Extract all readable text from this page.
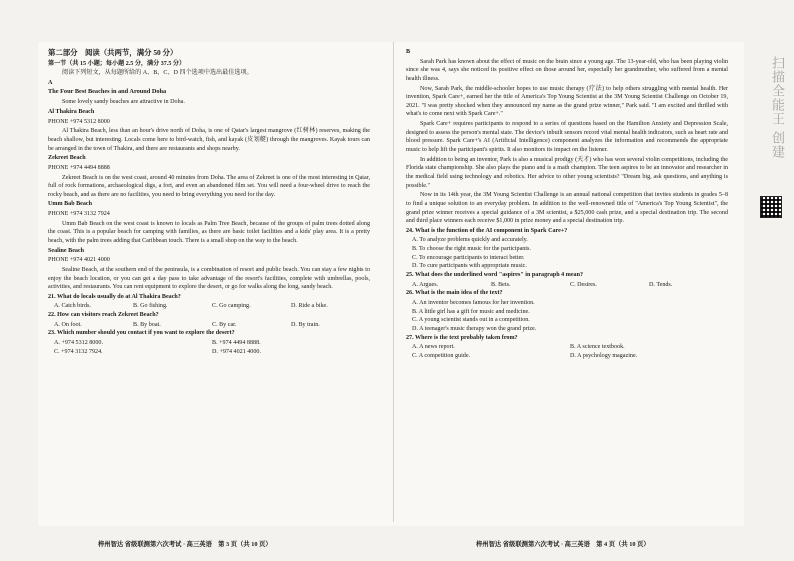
第二部分　阅读（共两节，满分 50 分）

第一节（共 15 小题；每小题 2.5 分，满分 37.5 分）

阅读下列短文，从每题所给的 A、B、C、D 四个选项中选出最佳选项。

A

The Four Best Beaches in and Around Doha

Some lovely sandy beaches are attractive in Doha.

Al Thakira Beach

PHONE +974 5312 8000

Al Thakira Beach, less than an hour's drive north of Doha, is one of Qatar's largest mangrove (红树林) reserves, making the beach shallow, but interesting. Locals come here to bird-watch, fish, and kayak (皮划艇) through the mangroves. Kayak tours can be arranged in the town of Thakira, and there are restaurants and shops nearby.

Zekreet Beach

PHONE +974 4494 8888

Zekreet Beach is on the west coast, around 40 minutes from Doha. The area of Zekreet is one of the most interesting in Qatar, full of rock formations, archaeological digs, a fort, and even an abandoned film set. You will need a four-wheel drive to reach the rocky beach, and as there are no facilities, you need to bring everything you need for the day.

Umm Bab Beach

PHONE +974 3132 7924

Umm Bab Beach on the west coast is known to locals as Palm Tree Beach, because of the groups of palm trees dotted along the coast. This is a popular beach for camping with families, as there are basic toilet facilities and a kids' play area. It is a pretty beach, with the palm trees adding that Caribbean touch. There is a small shop on the way to the beach.

Sealine Beach

PHONE +974 4021 4000

Sealine Beach, at the southern end of the peninsula, is a combination of resort and public beach. You can stay a few nights to enjoy the beach location, or you can get a day pass to take advantage of the resort's facilities, complete with umbrellas, pools, activities, and restaurants. You can rent equipment to explore the desert, or go for walks along the long, sandy beach.

21. What do locals usually do at Al Thakira Beach?

A. Catch birds.	B. Go fishing.	C. Go camping.	D. Ride a bike.

22. How can visitors reach Zekreet Beach?

A. On foot.	B. By boat.	C. By car.	D. By train.

23. Which number should you contact if you want to explore the desert?

A. +974 5312 8000.	B. +974 4494 8888.
C. +974 3132 7924.	D. +974 4021 4000.

B

Sarah Park has known about the effect of music on the brain since a young age. The 13-year-old, who has been playing violin since she was 4, says she noticed its positive effect on those around her, especially her grandmother, who suffered from a mental health illness.

Now, Sarah Park, the middle-schooler hopes to use music therapy (疗法) to help others struggling with mental health. Her invention, Spark Care+, earned her the title of America's Top Young Scientist at the 3M Young Scientist Challenge on October 19, 2021. "I was pretty shocked when they announced my name as the grand prize winner," Park said. "I am excited and thrilled with what's to come next with Spark Care+."

Spark Care+ requires participants to respond to a series of questions based on the Hamilton Anxiety and Depression Scale, designed to assess the person's mental state. The device's inbuilt sensors record vital mental health indicators, such as heart rate and blood pressure. Spark Care+'s AI (Artificial Intelligence) component analyzes the information and recommends the appropriate music to help lift the participant's spirits. It also monitors its impact on the listener.

In addition to being an inventor, Park is also a musical prodigy (天才) who has won several violin competitions, including the Florida state championship. She also plays the piano and is a math champion. The teen aspires to be an innovator and researcher in the medical field using technology and robotics. Her advice to other young scientists? "Dream big, ask questions, and anything is possible."

Now in its 14th year, the 3M Young Scientist Challenge is an annual national competition that invites students in grades 5–8 to find a unique solution to an everyday problem. In addition to the well-renowned title of "America's Top Young Scientist", the grand prize winner receives a special guidance of a 3M scientist, a $25,000 cash prize, and a special destination trip. The second and third place winners each receive $1,000 in prize money and a special destination trip.

24. What is the function of the AI component in Spark Care+?

A. To analyze problems quickly and accurately.
B. To choose the right music for the participants.
C. To encourage participants to interact better.
D. To cure participants with appropriate music.

25. What does the underlined word "aspires" in paragraph 4 mean?

A. Argues.	B. Bets.	C. Desires.	D. Tends.

26. What is the main idea of the text?

A. An inventor becomes famous for her invention.
B. A little girl has a gift for music and medicine.
C. A young scientist stands out in a competition.
D. A teenager's music therapy won the grand prize.

27. Where is the text probably taken from?

A. A news report.	B. A science textbook.
C. A competition guide.	D. A psychology magazine.
梓州智达 省级联测第六次考试 · 高三英语　第 3 页（共 10 页）	梓州智达 省级联测第六次考试 · 高三英语　第 4 页（共 10 页）
扫描全能王 创建
